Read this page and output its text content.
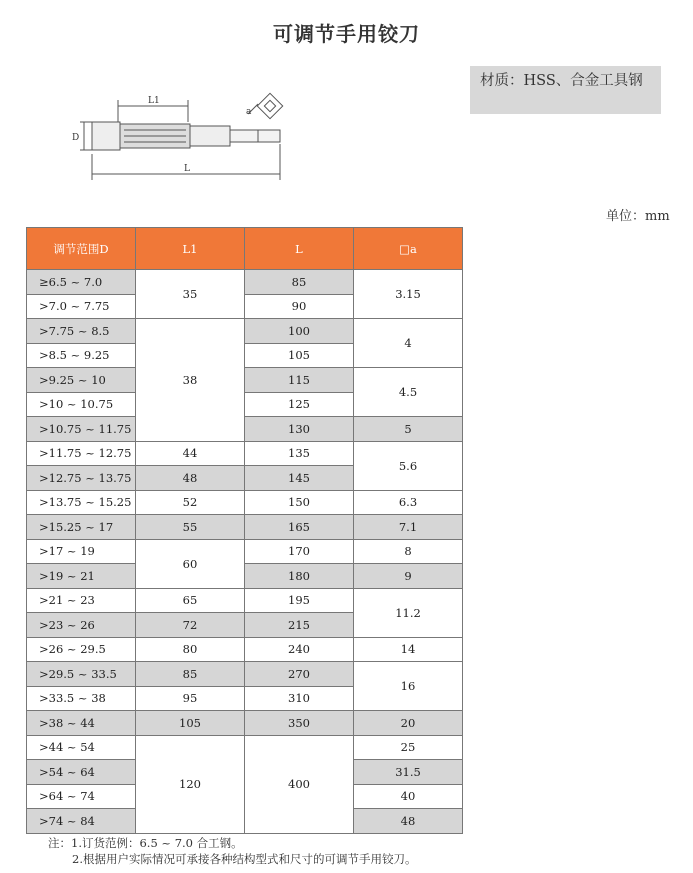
可调节手用铰刀
材质：HSS、合金工具钢
L1
D
L
a
单位：mm
调节范围D	L1	L	□a
≥6.5 ~ 7.0	35	85	3.15
>7.0 ~ 7.75		90	
>7.75 ~ 8.5	38	100	4
>8.5 ~ 9.25		105	
>9.25 ~ 10		115	4.5
>10 ~ 10.75		125	
>10.75 ~ 11.75		130	5
>11.75 ~ 12.75	44	135	5.6
>12.75 ~ 13.75	48	145	
>13.75 ~ 15.25	52	150	6.3
>15.25 ~ 17	55	165	7.1
>17 ~ 19	60	170	8
>19 ~ 21		180	9
>21 ~ 23	65	195	11.2
>23 ~ 26	72	215	
>26 ~ 29.5	80	240	14
>29.5 ~ 33.5	85	270	16
>33.5 ~ 38	95	310	
>38 ~ 44	105	350	20
>44 ~ 54	120	400	25
>54 ~ 64			31.5
>64 ~ 74			40
>74 ~ 84			48
注：1.订货范例：6.5 ~ 7.0 合工钢。
2.根据用户实际情况可承接各种结构型式和尺寸的可调节手用铰刀。
